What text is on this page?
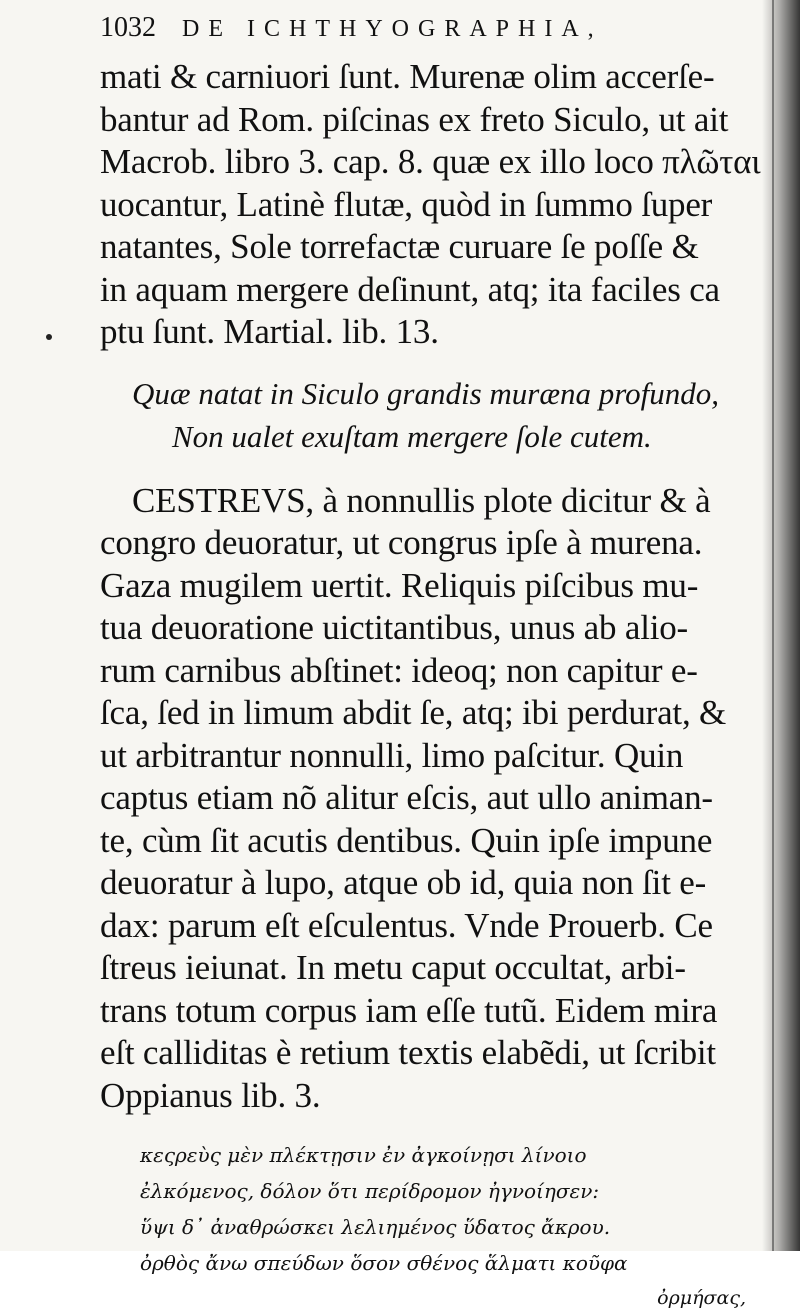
1032 DE ICHTHYOGRAPHIA,
mati & carniuori ſunt. Murenæ olim accerſe-
bantur ad Rom. piſcinas ex freto Siculo, ut ait
Macrob. libro 3. cap. 8. quæ ex illo loco πλῶται
uocantur, Latinè flutæ, quòd in ſummo ſuper
natantes, Sole torrefactæ curuare ſe poſſe &
in aquam mergere deſinunt, atq; ita faciles ca
ptu ſunt. Martial. lib. 13.
Quæ natat in Siculo grandis muræna profundo,
Non ualet exuſtam mergere ſole cutem.
CESTREVS, à nonnullis plote dicitur & à
congro deuoratur, ut congrus ipſe à murena.
Gaza mugilem uertit. Reliquis piſcibus mu-
tua deuoratione uictitantibus, unus ab alio-
rum carnibus abſtinet: ideoq; non capitur e-
ſca, ſed in limum abdit ſe, atq; ibi perdurat, &
ut arbitrantur nonnulli, limo paſcitur. Quin
captus etiam nõ alitur eſcis, aut ullo animan-
te, cùm ſit acutis dentibus. Quin ipſe impune
deuoratur à lupo, atque ob id, quia non ſit e-
dax: parum eſt eſculentus. Vnde Prouerb. Ce
ſtreus ieiunat. In metu caput occultat, arbi-
trans totum corpus iam eſſe tutũ. Eidem mira
eſt calliditas è retium textis elabẽdi, ut ſcribit
Oppianus lib. 3.
κεςρεὺς μὲν πλέκτῃσιν ἐν ἀγκοίνῃσι λίνοιο
ἐλκόμενος, δόλον ὅτι περίδρομον ἠγνοίησεν:
ὕψι δ᾽ ἀναθρώσκει λελιημένος ὕδατος ἄκρου.
ὀρθὸς ἄνω σπεύδων ὅσον σθένος ἅλματι κοῦφα
ὀρμήσας,
